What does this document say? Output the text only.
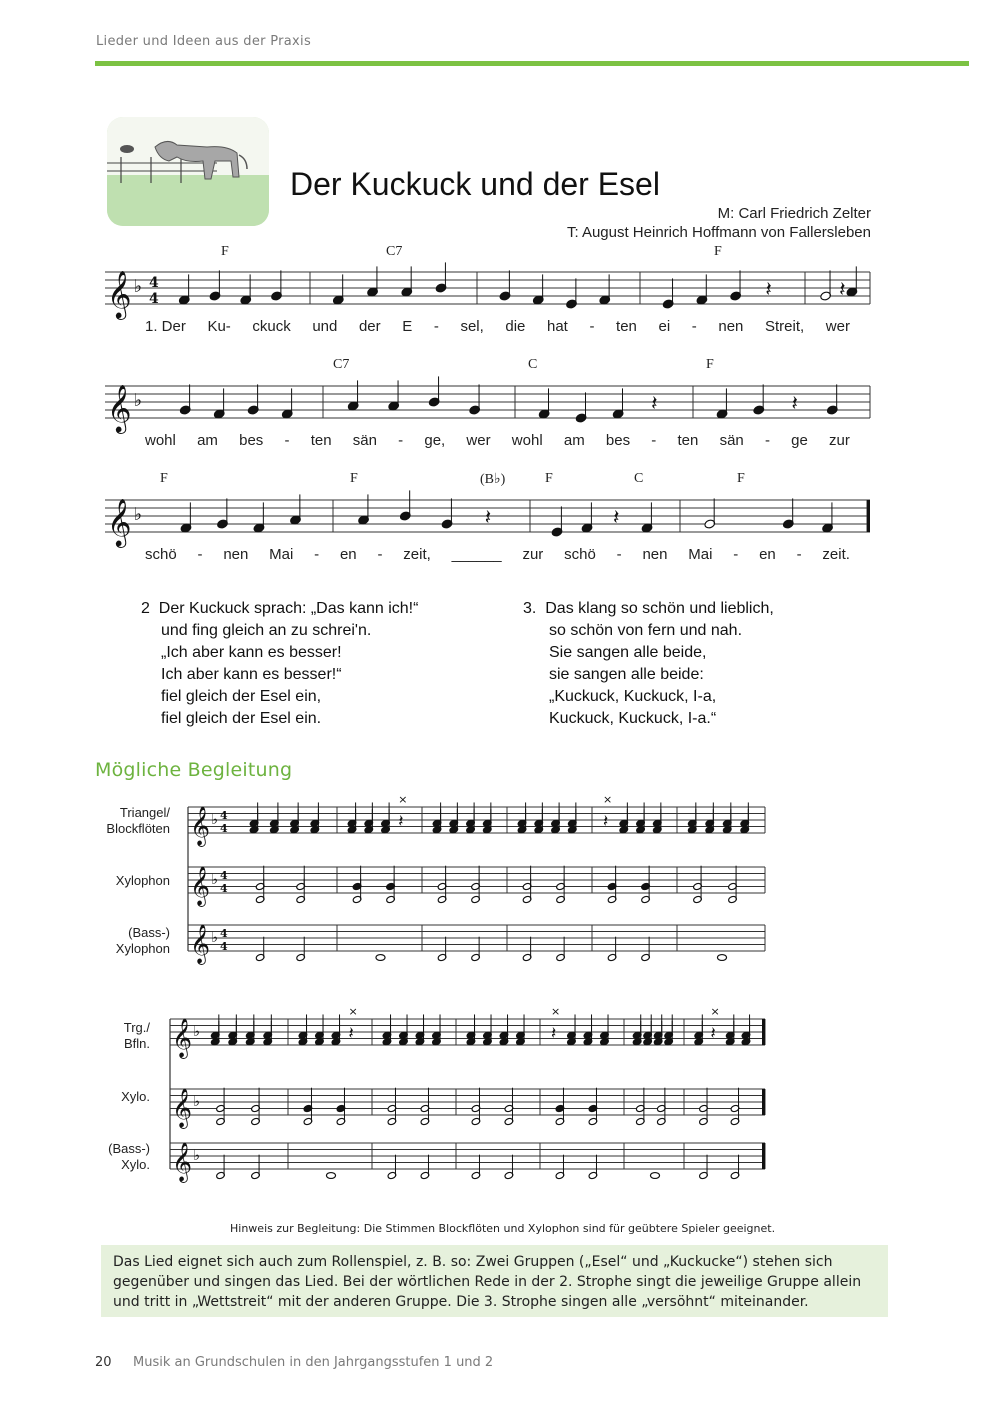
Lieder und Ideen aus der Praxis
Der Kuckuck und der Esel
M: Carl Friedrich Zelter
T: August Heinrich Hoffmann von Fallersleben
F	C7	F
𝄞 ♭ 4
4	𝄽	𝄽
1. Der Ku- ckuck und der E - sel, die hat - ten ei - nen Streit, wer
C7	C	F
𝄞 ♭	𝄽	𝄽
wohl am bes - ten sän - ge, wer wohl am bes - ten sän - ge zur
F	F	(B♭)	F	C	F
𝄞 ♭	𝄽	𝄽
schö - nen Mai - en - zeit, ______ zur schö - nen Mai - en - zeit.
2 Der Kuckuck sprach: „Das kann ich!“
und fing gleich an zu schrei'n.
„Ich aber kann es besser!
Ich aber kann es besser!“
fiel gleich der Esel ein,
fiel gleich der Esel ein.
3. Das klang so schön und lieblich,
so schön von fern und nah.
Sie sangen alle beide,
sie sangen alle beide:
„Kuckuck, Kuckuck, I-a,
Kuckuck, Kuckuck, I-a.“
Mögliche Begleitung
Triangel/
Blockflöten
Xylophon
(Bass-)
Xylophon
𝄞 ♭ 4
4
×
𝄽
×
𝄽
𝄞 ♭ 4
4
𝄞 ♭ 4
4
Trg./
Bfln.
Xylo.
(Bass-)
Xylo.
𝄞 ♭
×
𝄽
×
𝄽
×
𝄽
𝄞 ♭
𝄞 ♭
Hinweis zur Begleitung: Die Stimmen Blockflöten und Xylophon sind für geübtere Spieler geeignet.
Das Lied eignet sich auch zum Rollenspiel, z. B. so: Zwei Gruppen („Esel“ und „Kuckucke“) stehen sich gegenüber und singen das Lied. Bei der wörtlichen Rede in der 2. Strophe singt die jeweilige Gruppe allein und tritt in „Wettstreit“ mit der anderen Gruppe. Die 3. Strophe singen alle „versöhnt“ miteinander.
20 Musik an Grundschulen in den Jahrgangsstufen 1 und 2
